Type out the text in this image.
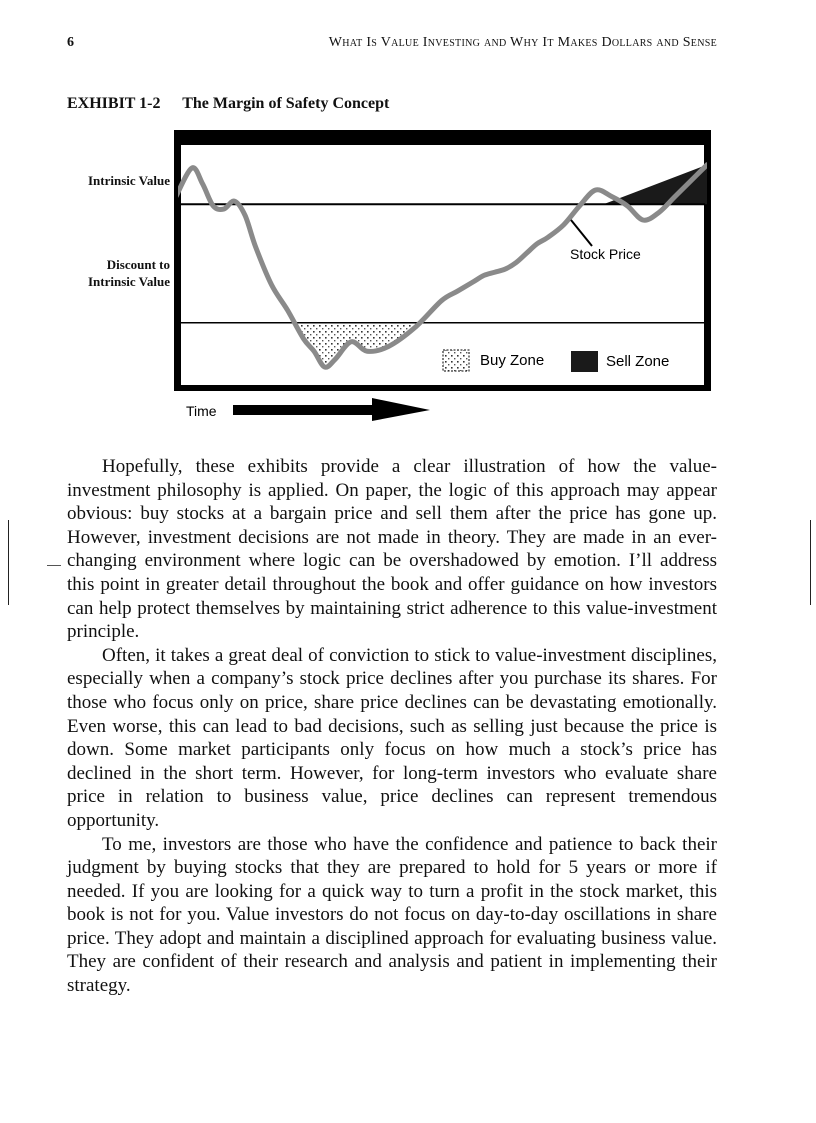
6	What Is Value Investing and Why It Makes Dollars and Sense
EXHIBIT 1-2 The Margin of Safety Concept
Intrinsic Value
Discount to
Intrinsic Value
Stock Price
Buy Zone	Sell Zone
Time

Hopefully, these exhibits provide a clear illustration of how the value-investment philosophy is applied. On paper, the logic of this approach may appear obvious: buy stocks at a bargain price and sell them after the price has gone up. However, investment decisions are not made in theory. They are made in an ever-changing environment where logic can be overshadowed by emotion. I’ll address this point in greater detail throughout the book and offer guidance on how investors can help protect themselves by maintaining strict adherence to this value-investment principle.

Often, it takes a great deal of conviction to stick to value-investment disciplines, especially when a company’s stock price declines after you purchase its shares. For those who focus only on price, share price declines can be devastating emotionally. Even worse, this can lead to bad decisions, such as selling just because the price is down. Some market participants only focus on how much a stock’s price has declined in the short term. However, for long-term investors who evaluate share price in relation to business value, price declines can represent tremendous opportunity.

To me, investors are those who have the confidence and patience to back their judgment by buying stocks that they are prepared to hold for 5 years or more if needed. If you are looking for a quick way to turn a profit in the stock market, this book is not for you. Value investors do not focus on day-to-day oscillations in share price. They adopt and maintain a disciplined approach for evaluating business value. They are confident of their research and analysis and patient in implementing their strategy.
